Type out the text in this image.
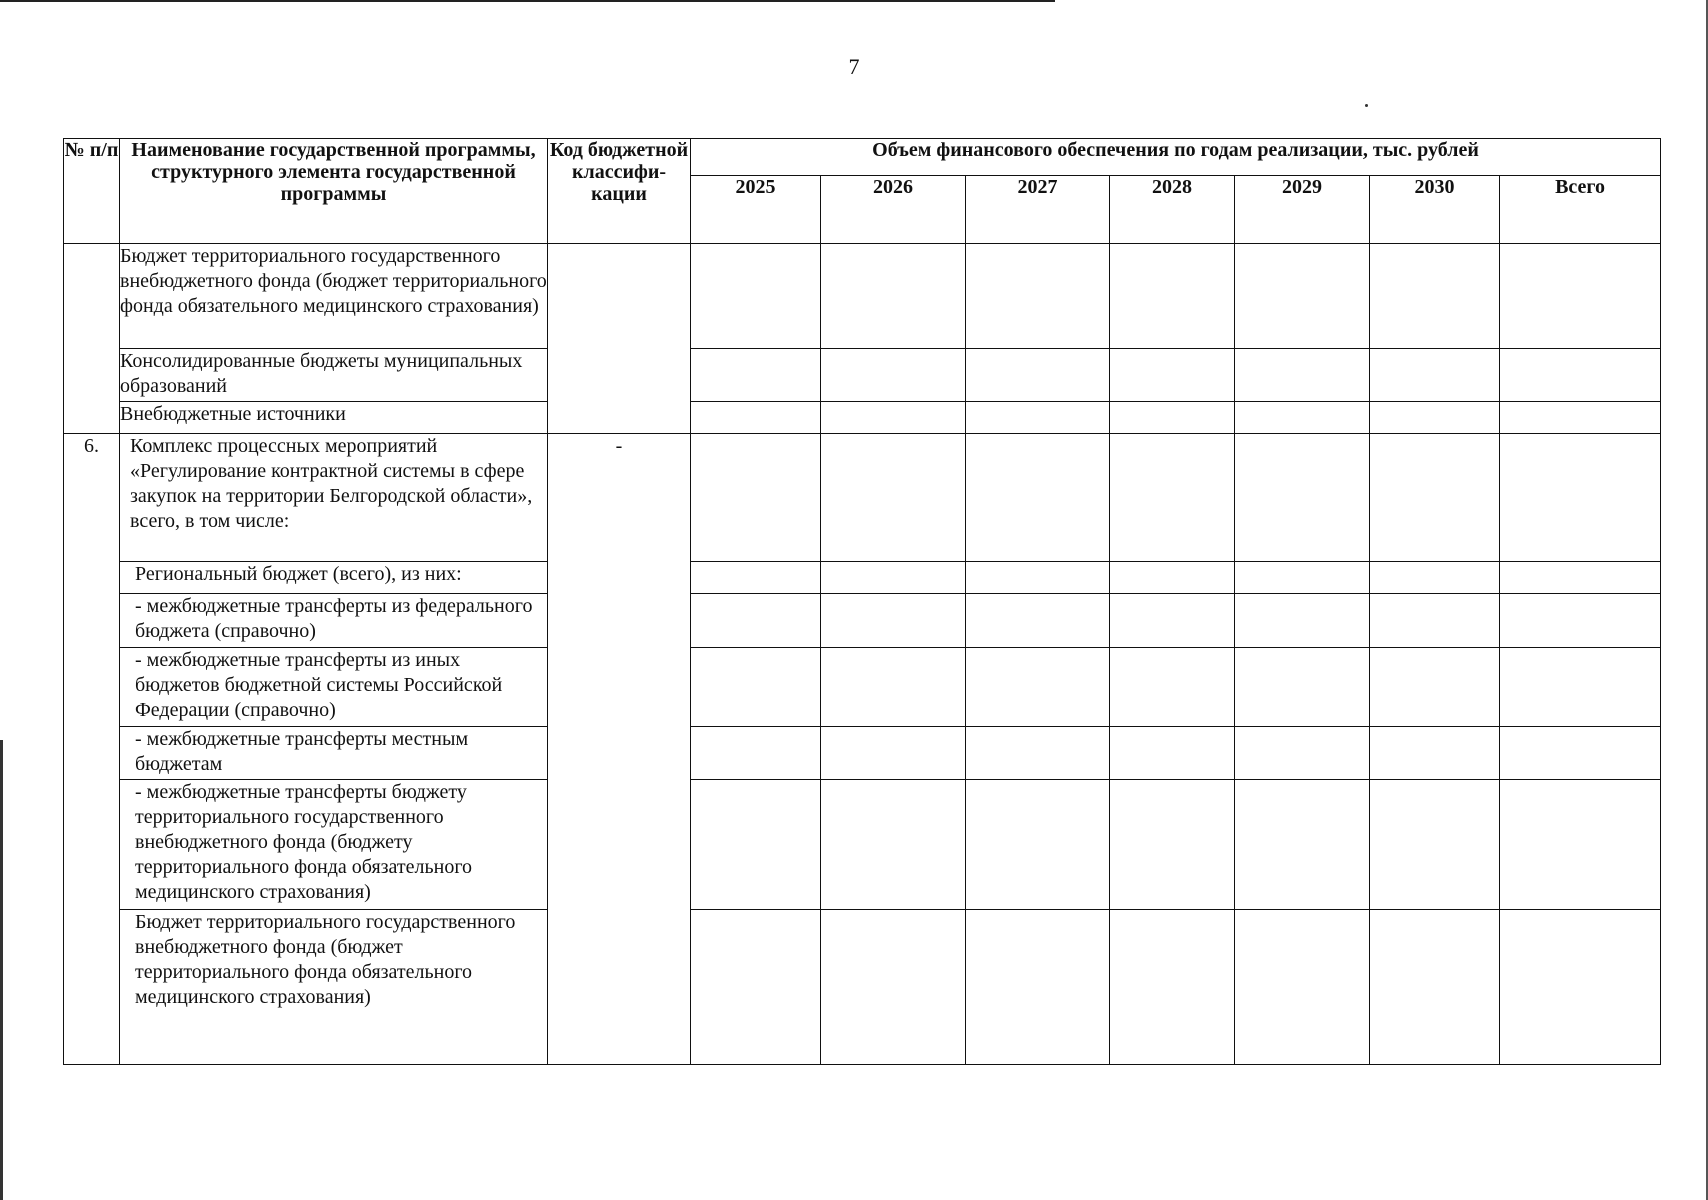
7
№ п/п	Наименование государственной программы, структурного элемента государственной программы	Код бюджетной классифи-кации	Объем финансового обеспечения по годам реализации, тыс. рублей						
			2025	2026	2027	2028	2029	2030	Всего
	Бюджет территориального государственного внебюджетного фонда (бюджет территориального фонда обязательного медицинского страхования)								
	Консолидированные бюджеты муниципальных образований								
	Внебюджетные источники								
6.	Комплекс процессных мероприятий «Регулирование контрактной системы в сфере закупок на территории Белгородской области», всего, в том числе:	-							
	Региональный бюджет (всего), из них:								
	- межбюджетные трансферты из федерального бюджета (справочно)								
	- межбюджетные трансферты из иных бюджетов бюджетной системы Российской Федерации (справочно)								
	- межбюджетные трансферты местным бюджетам								
	- межбюджетные трансферты бюджету территориального государственного внебюджетного фонда (бюджету территориального фонда обязательного медицинского страхования)								
	Бюджет территориального государственного внебюджетного фонда (бюджет территориального фонда обязательного медицинского страхования)								
